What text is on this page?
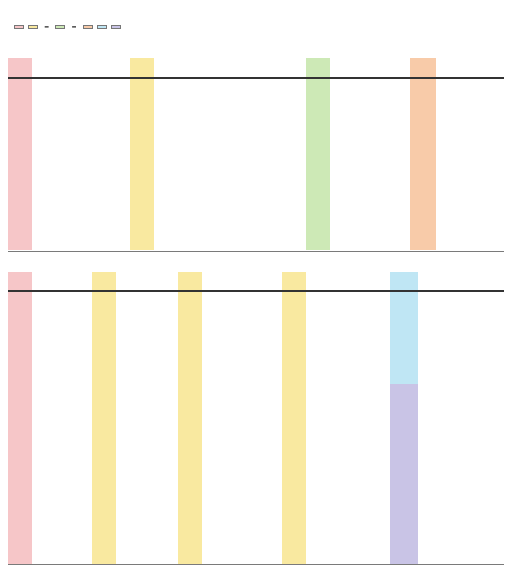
- -
